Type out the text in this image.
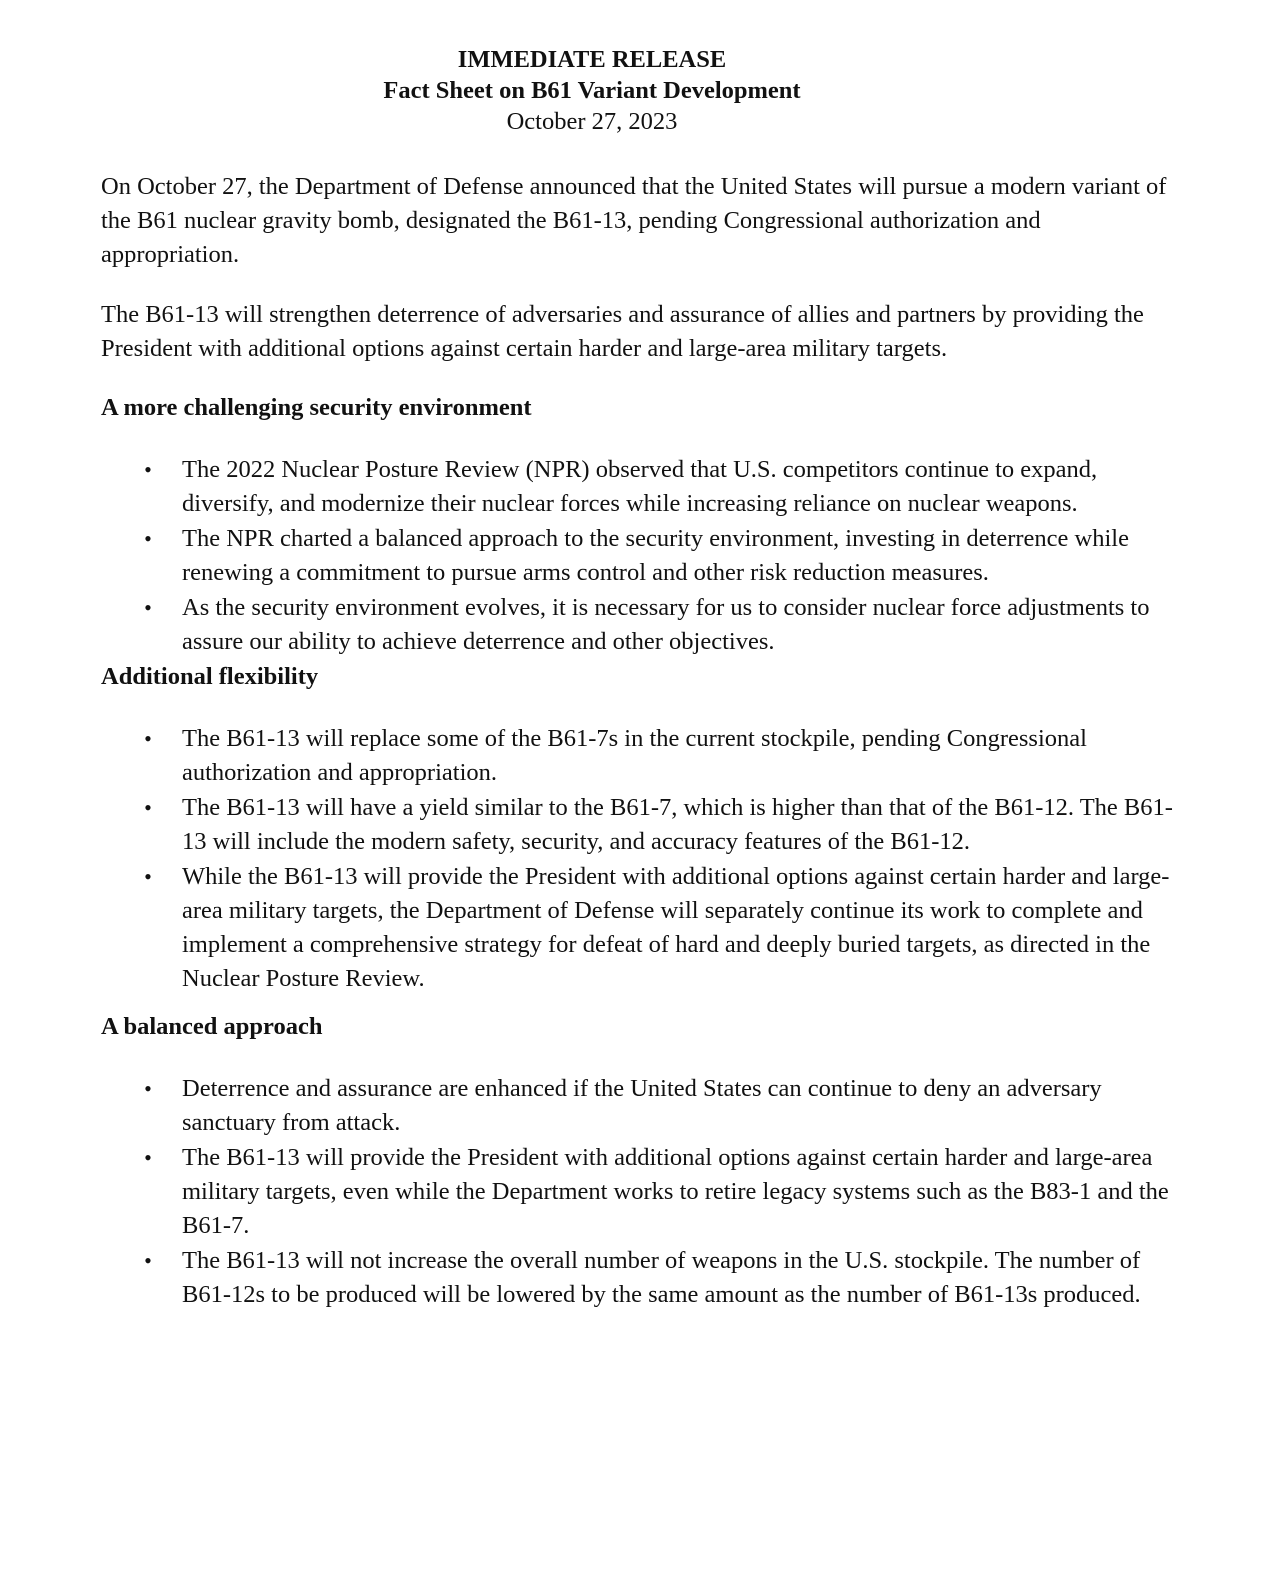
IMMEDIATE RELEASE
Fact Sheet on B61 Variant Development
October 27, 2023

On October 27, the Department of Defense announced that the United States will pursue a modern variant of the B61 nuclear gravity bomb, designated the B61-13, pending Congressional authorization and appropriation.

The B61-13 will strengthen deterrence of adversaries and assurance of allies and partners by providing the President with additional options against certain harder and large-area military targets.

A more challenging security environment

• The 2022 Nuclear Posture Review (NPR) observed that U.S. competitors continue to expand, diversify, and modernize their nuclear forces while increasing reliance on nuclear weapons.
• The NPR charted a balanced approach to the security environment, investing in deterrence while renewing a commitment to pursue arms control and other risk reduction measures.
• As the security environment evolves, it is necessary for us to consider nuclear force adjustments to assure our ability to achieve deterrence and other objectives.

Additional flexibility

• The B61-13 will replace some of the B61-7s in the current stockpile, pending Congressional authorization and appropriation.
• The B61-13 will have a yield similar to the B61-7, which is higher than that of the B61-12. The B61-13 will include the modern safety, security, and accuracy features of the B61-12.
• While the B61-13 will provide the President with additional options against certain harder and large-area military targets, the Department of Defense will separately continue its work to complete and implement a comprehensive strategy for defeat of hard and deeply buried targets, as directed in the Nuclear Posture Review.

A balanced approach

• Deterrence and assurance are enhanced if the United States can continue to deny an adversary sanctuary from attack.
• The B61-13 will provide the President with additional options against certain harder and large-area military targets, even while the Department works to retire legacy systems such as the B83-1 and the B61-7.
• The B61-13 will not increase the overall number of weapons in the U.S. stockpile. The number of B61-12s to be produced will be lowered by the same amount as the number of B61-13s produced.
